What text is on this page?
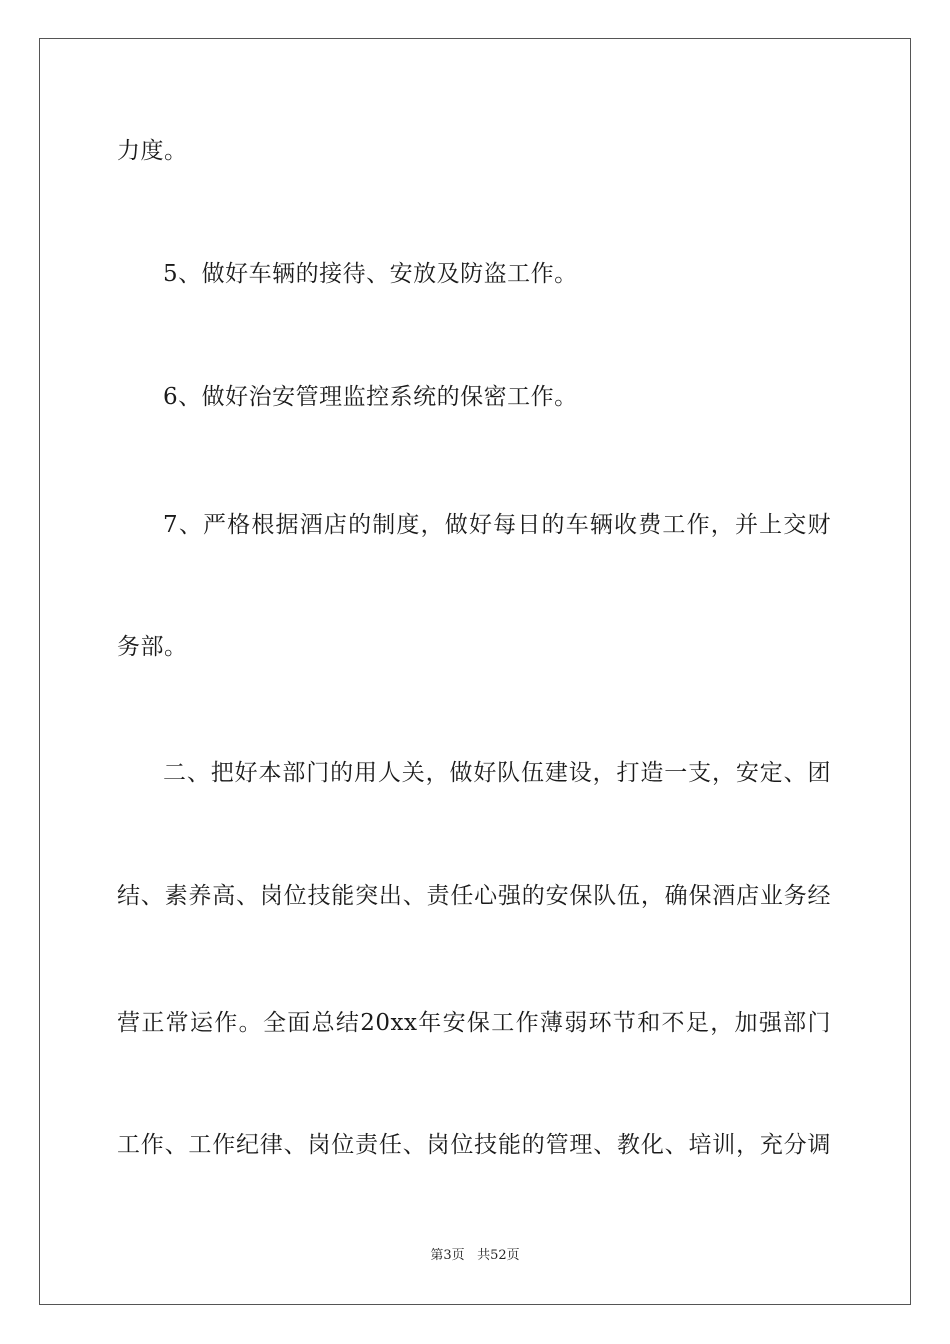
力度。
5、做好车辆的接待、安放及防盗工作。
6、做好治安管理监控系统的保密工作。
7、严格根据酒店的制度，做好每日的车辆收费工作，并上交财
务部。
二、把好本部门的用人关，做好队伍建设，打造一支，安定、团
结、素养高、岗位技能突出、责任心强的安保队伍，确保酒店业务经
营正常运作。全面总结20xx年安保工作薄弱环节和不足，加强部门
工作、工作纪律、岗位责任、岗位技能的管理、教化、培训，充分调
第3页 共52页
